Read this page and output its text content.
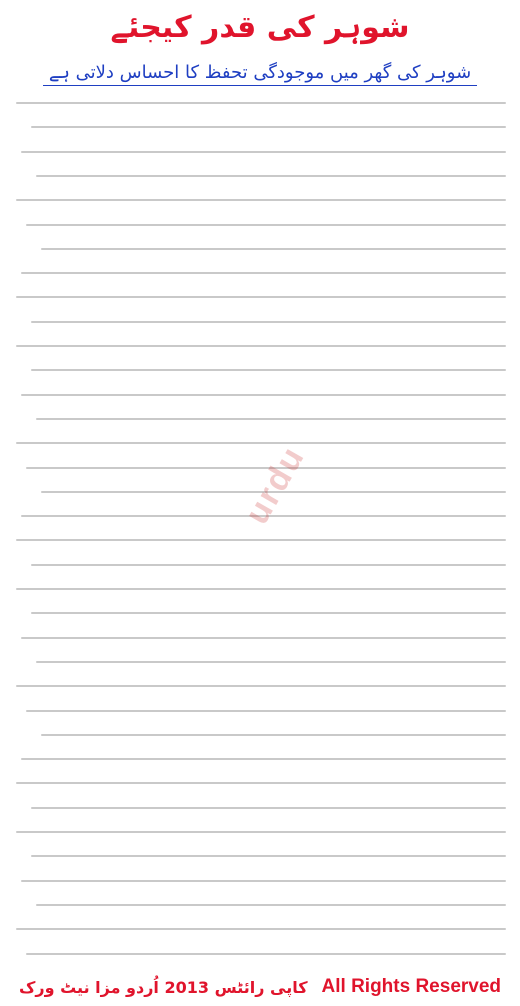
شوہر کی قدر کیجئے
شوہر کی گھر میں موجودگی تحفظ کا احساس دلاتی ہے
urdu
کاپی رائٹس 2013 اُردو مزا نیٹ ورک All Rights Reserved
